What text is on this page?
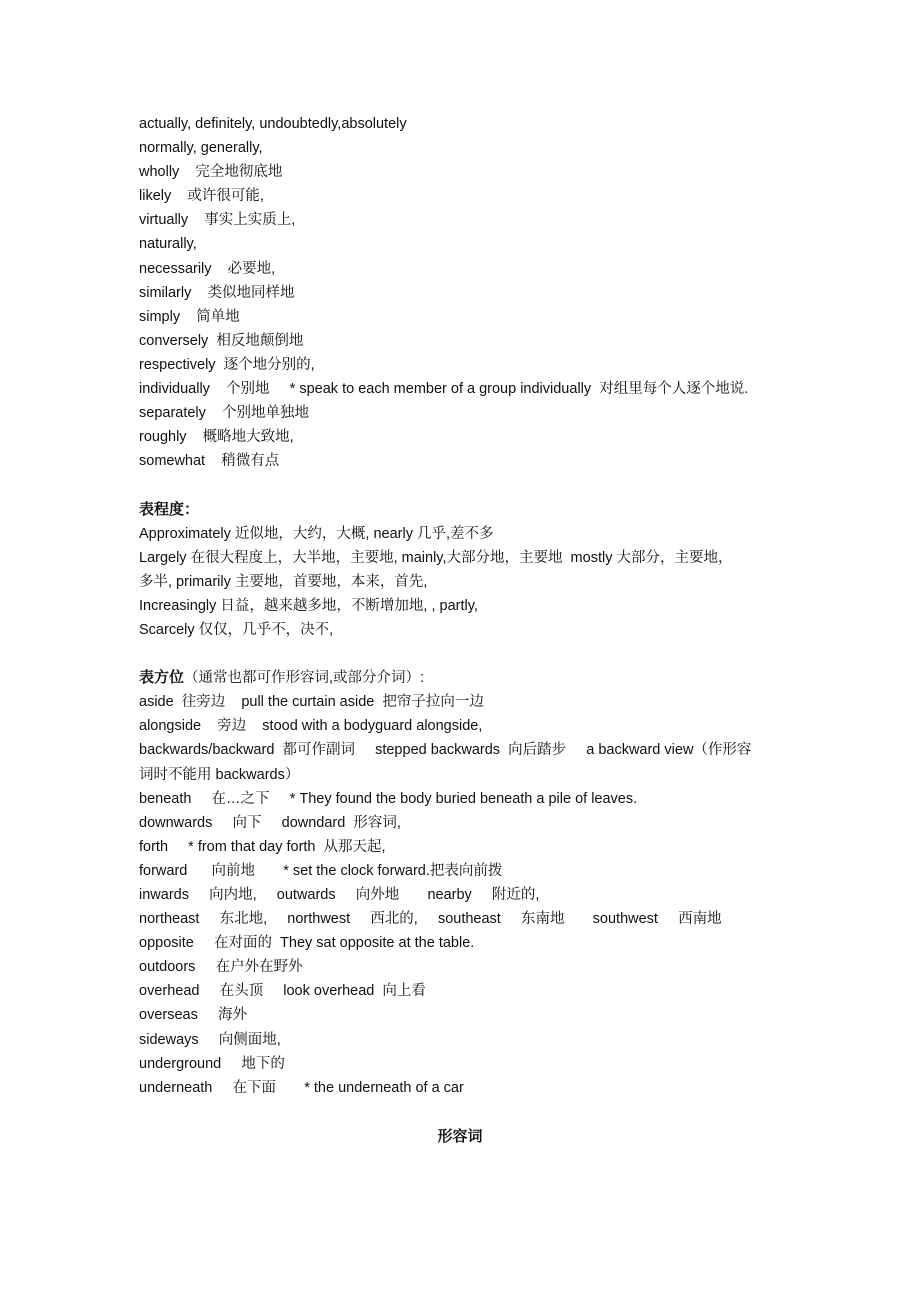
actually, definitely, undoubtedly,absolutely
normally, generally,
wholly    完全地彻底地
likely    或许很可能,
virtually    事实上实质上,
naturally,
necessarily    必要地,
similarly    类似地同样地
simply    简单地
conversely  相反地颠倒地
respectively  逐个地分别的,
individually    个别地     * speak to each member of a group individually  对组里每个人逐个地说.
separately    个别地单独地
roughly    概略地大致地,
somewhat    稍微有点
表程度：
Approximately 近似地，大约，大概, nearly 几乎,差不多
Largely 在很大程度上，大半地，主要地, mainly,大部分地，主要地  mostly 大部分，主要地，
多半, primarily 主要地，首要地，本来，首先,
Increasingly 日益，越来越多地，不断增加地, , partly,
Scarcely 仅仅，几乎不，决不,
表方位（通常也都可作形容词,或部分介词）:
aside  往旁边    pull the curtain aside  把帘子拉向一边
alongside    旁边    stood with a bodyguard alongside,
backwards/backward  都可作副词     stepped backwards  向后踏步     a backward view（作形容
词时不能用 backwards）
beneath     在…之下     * They found the body buried beneath a pile of leaves.
downwards     向下     downdard  形容词,
forth     * from that day forth  从那天起,
forward      向前地       * set the clock forward.把表向前拨
inwards     向内地,     outwards     向外地       nearby     附近的,
northeast     东北地,     northwest     西北的,     southeast     东南地       southwest     西南地
opposite     在对面的  They sat opposite at the table.
outdoors     在户外在野外
overhead     在头顶     look overhead  向上看
overseas     海外
sideways     向侧面地,
underground     地下的
underneath     在下面       * the underneath of a car
形容词
